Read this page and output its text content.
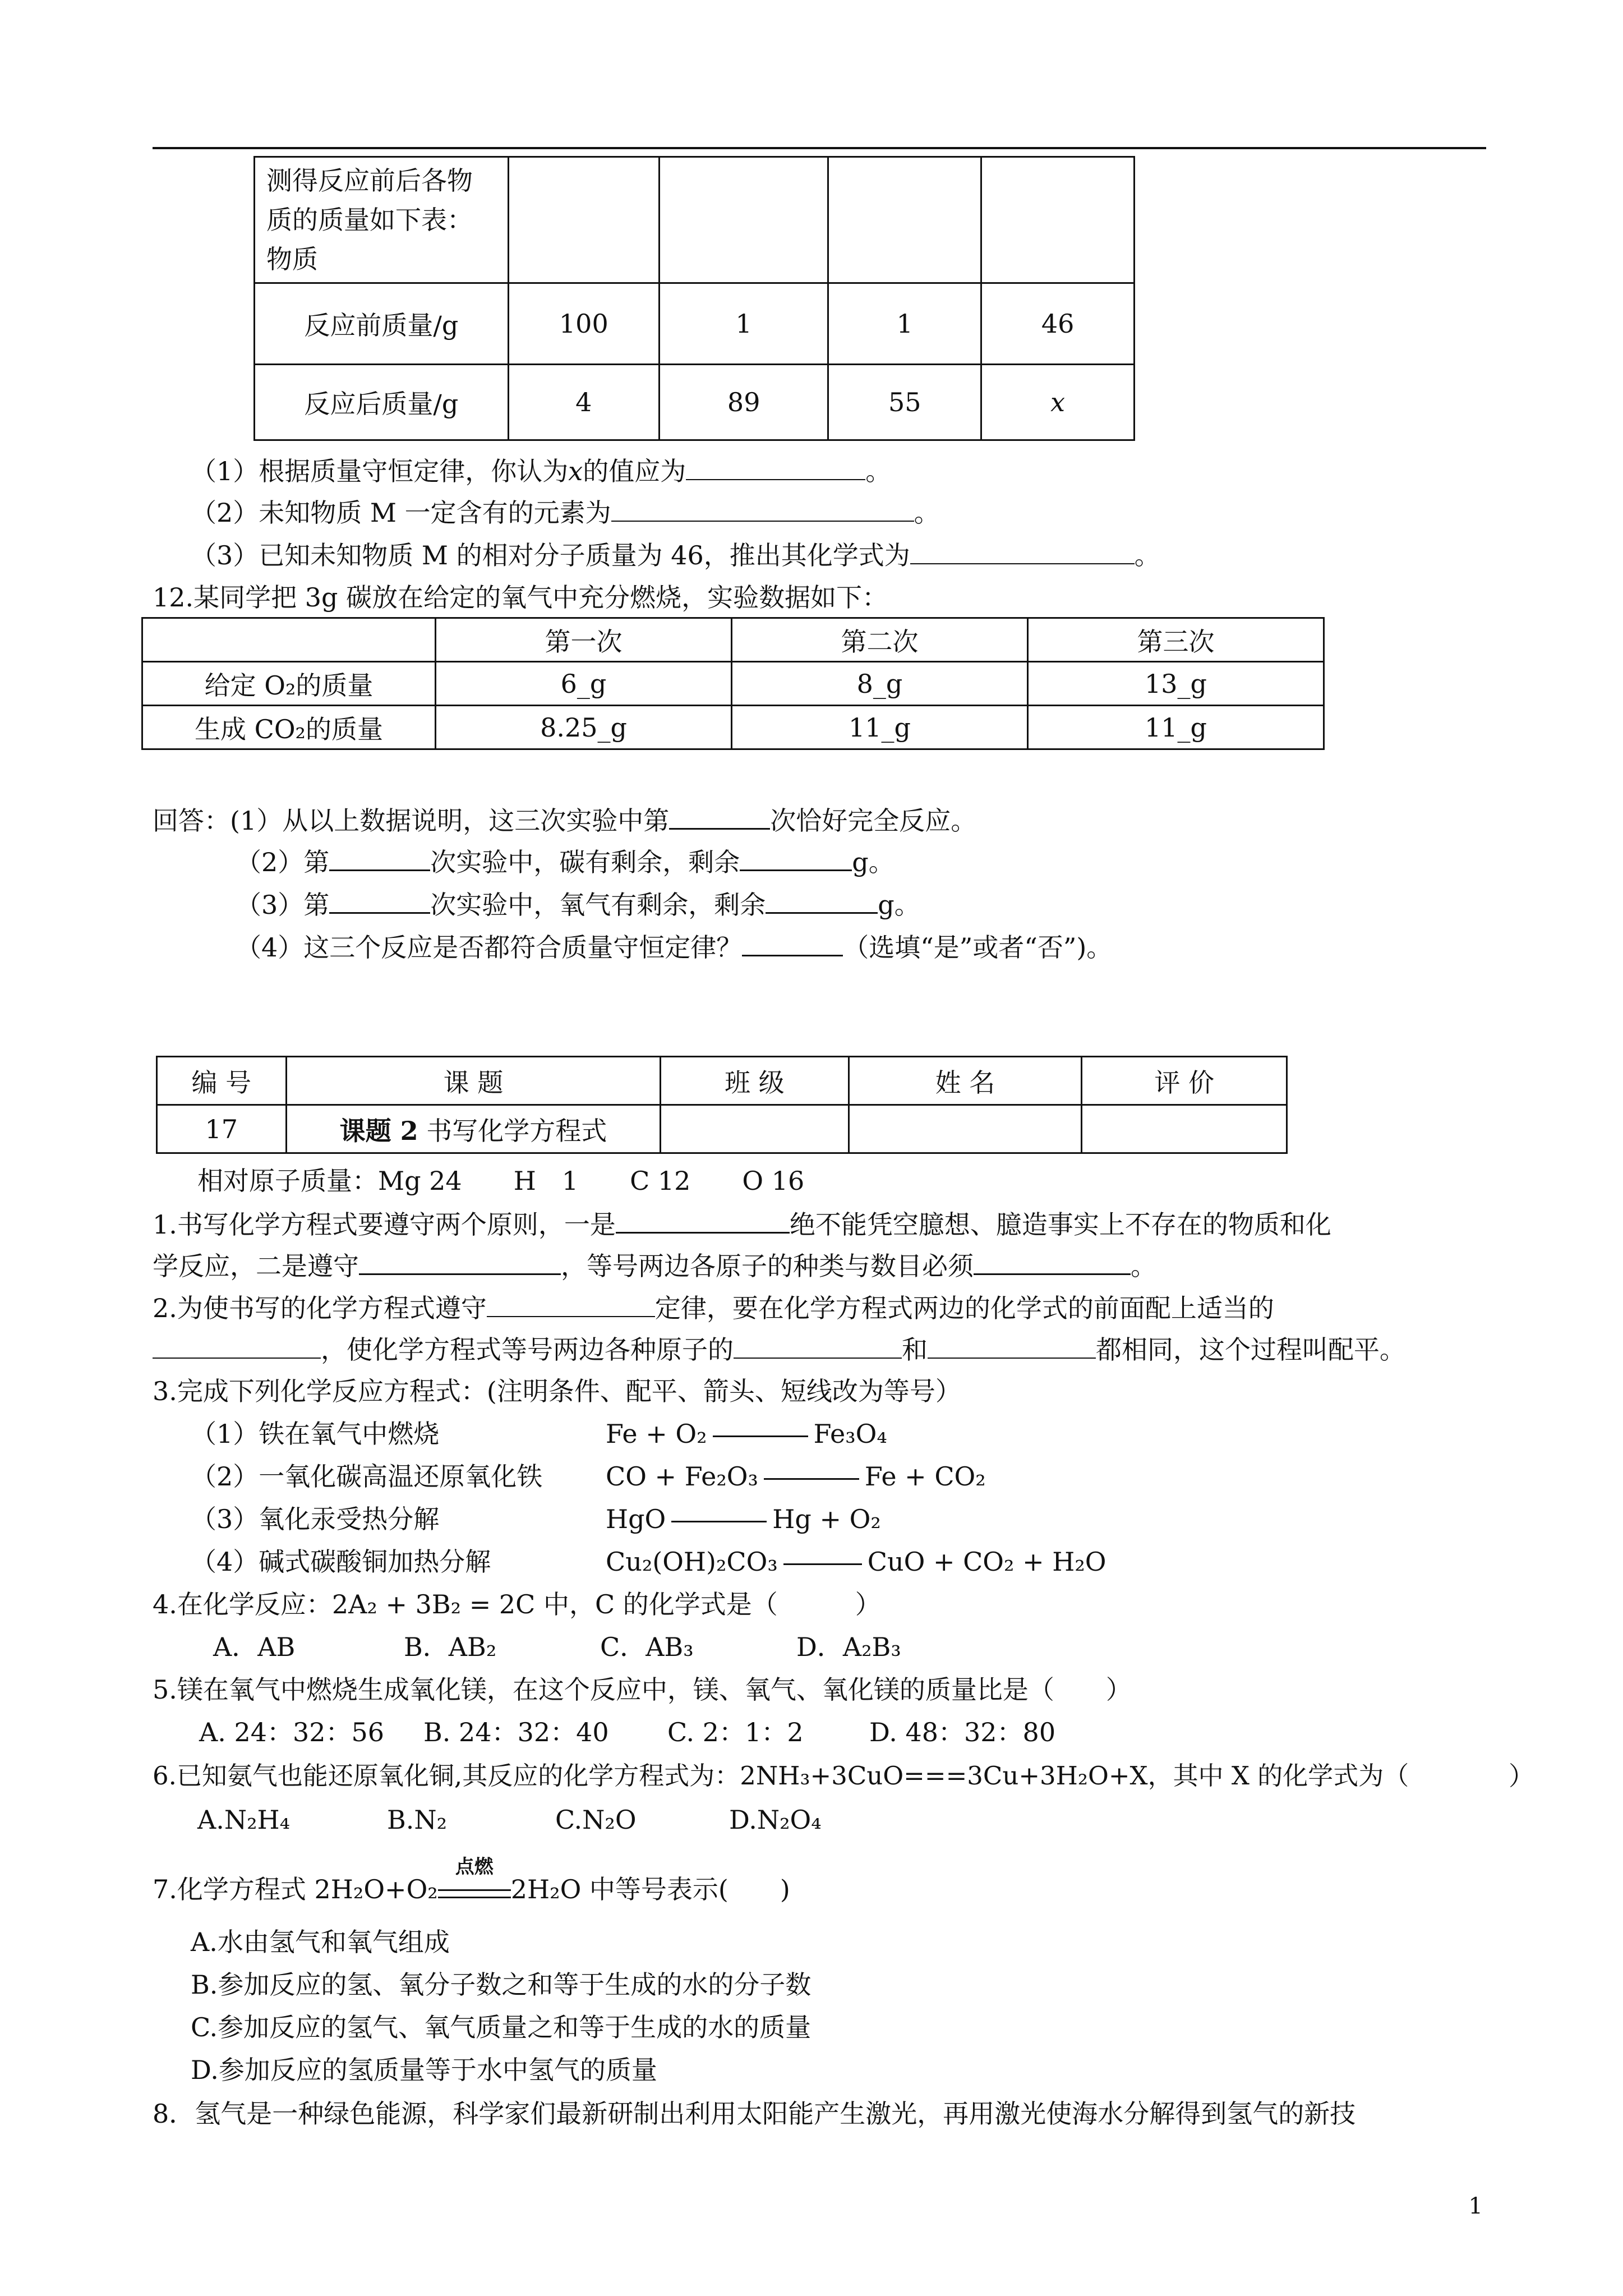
测得反应前后各物质的质量如下表：物质				
反应前质量/g	100	1	1	46
反应后质量/g	4	89	55	x
（1）根据质量守恒定律，你认为x的值应为	。
（2）未知物质 M 一定含有的元素为	。
（3）已知未知物质 M 的相对分子质量为 46，推出其化学式为	。
12.某同学把 3g 碳放在给定的氧气中充分燃烧，实验数据如下：
	第一次	第二次	第三次
给定 O₂的质量	6_g	8_g	13_g
生成 CO₂的质量	8.25_g	11_g	11_g
回答：(1）从以上数据说明，这三次实验中第	次恰好完全反应。
（2）第	次实验中，碳有剩余，剩余	g。
（3）第	次实验中，氧气有剩余，剩余	g。
（4）这三个反应是否都符合质量守恒定律？	（选填“是”或者“否”)。
编 号	课 题	班 级	姓 名	评 价
17	课题 2 书写化学方程式			
相对原子质量：Mg 24　　H　1　　C 12　　O 16
1.书写化学方程式要遵守两个原则，一是	绝不能凭空臆想、臆造事实上不存在的物质和化
学反应，二是遵守	，等号两边各原子的种类与数目必须	。
2.为使书写的化学方程式遵守	定律，要在化学方程式两边的化学式的前面配上适当的
，使化学方程式等号两边各种原子的	和	都相同，这个过程叫配平。
3.完成下列化学反应方程式：(注明条件、配平、箭头、短线改为等号）
（1）铁在氧气中燃烧	Fe + O₂	Fe₃O₄
（2）一氧化碳高温还原氧化铁 CO + Fe₂O₃	Fe + CO₂
（3）氧化汞受热分解	HgO	Hg + O₂
（4）碱式碳酸铜加热分解	Cu₂(OH)₂CO₃	CuO + CO₂ + H₂O
4.在化学反应：2A₂ + 3B₂ = 2C 中，C 的化学式是（　　　）
A．AB	B．AB₂	C．AB₃	D．A₂B₃
5.镁在氧气中燃烧生成氧化镁，在这个反应中，镁、氧气、氧化镁的质量比是（　　）
A. 24：32：56 B. 24：32：40 C. 2：1：2	D. 48：32：80
6.已知氨气也能还原氧化铜,其反应的化学方程式为：2NH₃+3CuO===3Cu+3H₂O+X，其中 X 的化学式为（	）
A.N₂H₄	B.N₂	C.N₂O	D.N₂O₄
7.化学方程式 2H₂O+O₂
点燃
2H₂O 中等号表示(　　)
A.水由氢气和氧气组成
B.参加反应的氢、氧分子数之和等于生成的水的分子数
C.参加反应的氢气、氧气质量之和等于生成的水的质量
D.参加反应的氢质量等于水中氢气的质量
8．氢气是一种绿色能源，科学家们最新研制出利用太阳能产生激光，再用激光使海水分解得到氢气的新技
1
